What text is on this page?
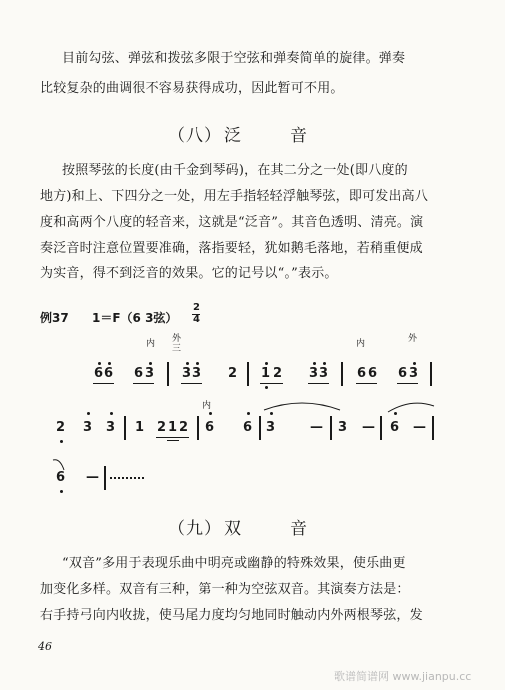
目前勾弦、弹弦和拨弦多限于空弦和弹奏简单的旋律。弹奏
比较复杂的曲调很不容易获得成功，因此暂可不用。
（八） 泛	音
按照琴弦的长度(由千金到琴码)，在其二分之一处(即八度的
地方)和上、下四分之一处，用左手指轻轻浮触琴弦，即可发出高八
度和高两个八度的轻音来，这就是“泛音”。其音色透明、清亮。演
奏泛音时注意位置要准确，落指要轻，犹如鹅毛落地，若稍重便成
为实音，得不到泛音的效果。它的记号以“。”表示。
例37 1＝F（6 3弦）
2
4
内 外
三	内	外
内
6 6 6 3 3 3 2 1 2 3 3 6 6 6 3
2 3 3 1 2 1 2 6 6 3	— 3 — 6 —
6 —
（九） 双	音
“双音”多用于表现乐曲中明亮或幽静的特殊效果，使乐曲更
加变化多样。双音有三种，第一种为空弦双音。其演奏方法是：
右手持弓向内收拢，使马尾力度均匀地同时触动内外两根琴弦，发
46
歌谱简谱网 www.jianpu.cc
